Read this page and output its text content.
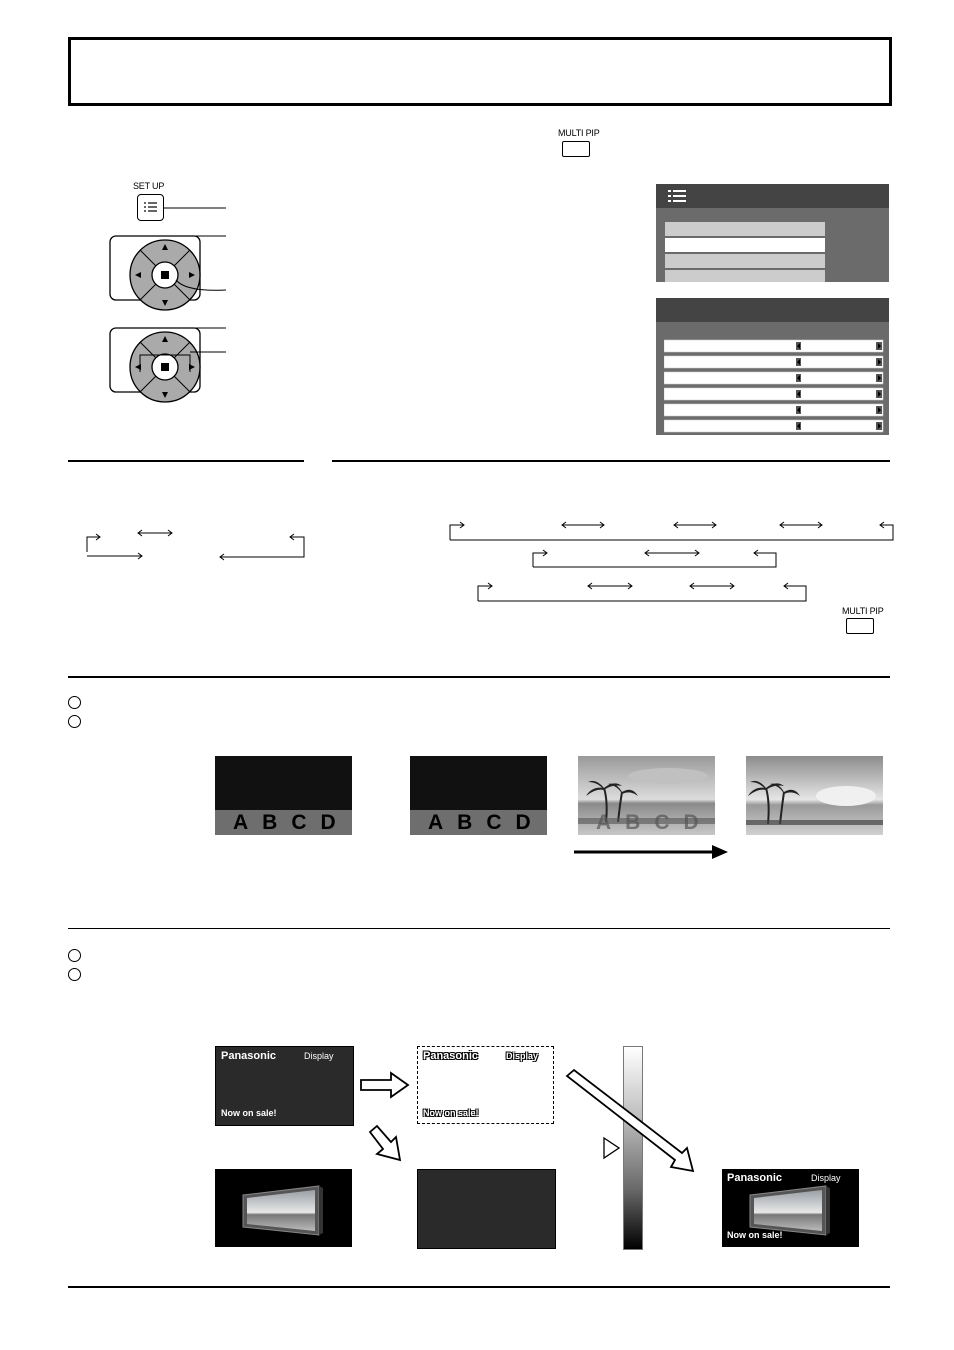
MULTI PIP
SET UP
MULTI PIP
ABCD	ABCD ABCD
Panasonic	Display
Now on sale!
Panasonic	Display
Now on sale!
Panasonic	Display
Now on sale!
